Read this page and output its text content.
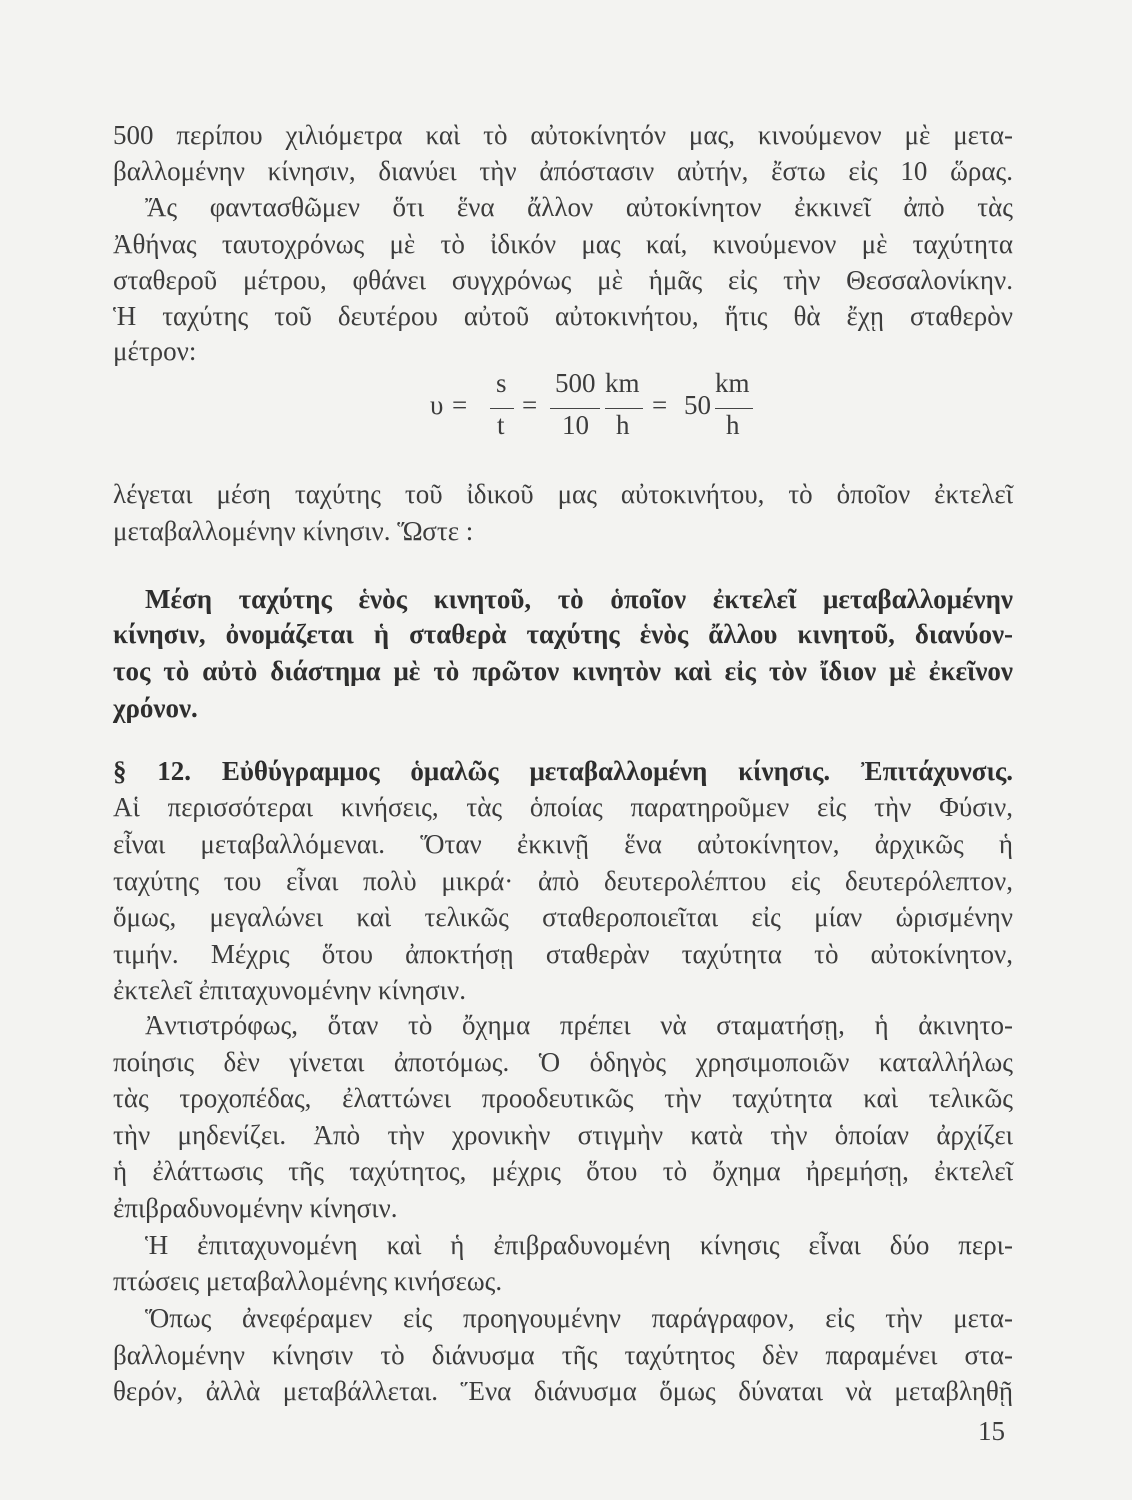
500 περίπου χιλιόμετρα καὶ τὸ αὐτοκίνητόν μας, κινούμενον μὲ μετα-
βαλλομένην κίνησιν, διανύει τὴν ἀπόστασιν αὐτήν, ἔστω εἰς 10 ὥρας.
Ἄς φαντασθῶμεν ὅτι ἕνα ἄλλον αὐτοκίνητον ἐκκινεῖ ἀπὸ τὰς
Ἀθήνας ταυτοχρόνως μὲ τὸ ἰδικόν μας καί, κινούμενον μὲ ταχύτητα
σταθεροῦ μέτρου, φθάνει συγχρόνως μὲ ἡμᾶς εἰς τὴν Θεσσαλονίκην.
Ἡ ταχύτης τοῦ δευτέρου αὐτοῦ αὐτοκινήτου, ἥτις θὰ ἔχῃ σταθερὸν
μέτρον:
υ =
s
t
=
500
10
km
h
= 50
km
h
λέγεται μέση ταχύτης τοῦ ἰδικοῦ μας αὐτοκινήτου, τὸ ὁποῖον ἐκτελεῖ
μεταβαλλομένην κίνησιν. Ὥστε :
Μέση ταχύτης ἑνὸς κινητοῦ, τὸ ὁποῖον ἐκτελεῖ μεταβαλλομένην
κίνησιν, ὀνομάζεται ἡ σταθερὰ ταχύτης ἑνὸς ἄλλου κινητοῦ, διανύον-
τος τὸ αὐτὸ διάστημα μὲ τὸ πρῶτον κινητὸν καὶ εἰς τὸν ἴδιον μὲ ἐκεῖνον
χρόνον.
§ 12. Εὐθύγραμμος ὁμαλῶς μεταβαλλομένη κίνησις. Ἐπιτάχυνσις.
Αἱ περισσότεραι κινήσεις, τὰς ὁποίας παρατηροῦμεν εἰς τὴν Φύσιν,
εἶναι μεταβαλλόμεναι. Ὅταν ἐκκινῇ ἕνα αὐτοκίνητον, ἀρχικῶς ἡ
ταχύτης του εἶναι πολὺ μικρά· ἀπὸ δευτερολέπτου εἰς δευτερόλεπτον,
ὅμως, μεγαλώνει καὶ τελικῶς σταθεροποιεῖται εἰς μίαν ὡρισμένην
τιμήν. Μέχρις ὅτου ἀποκτήσῃ σταθερὰν ταχύτητα τὸ αὐτοκίνητον,
ἐκτελεῖ ἐπιταχυνομένην κίνησιν.
Ἀντιστρόφως, ὅταν τὸ ὄχημα πρέπει νὰ σταματήσῃ, ἡ ἀκινητο-
ποίησις δὲν γίνεται ἀποτόμως. Ὁ ὁδηγὸς χρησιμοποιῶν καταλλήλως
τὰς τροχοπέδας, ἐλαττώνει προοδευτικῶς τὴν ταχύτητα καὶ τελικῶς
τὴν μηδενίζει. Ἀπὸ τὴν χρονικὴν στιγμὴν κατὰ τὴν ὁποίαν ἀρχίζει
ἡ ἐλάττωσις τῆς ταχύτητος, μέχρις ὅτου τὸ ὄχημα ἠρεμήσῃ, ἐκτελεῖ
ἐπιβραδυνομένην κίνησιν.
Ἡ ἐπιταχυνομένη καὶ ἡ ἐπιβραδυνομένη κίνησις εἶναι δύο περι-
πτώσεις μεταβαλλομένης κινήσεως.
Ὅπως ἀνεφέραμεν εἰς προηγουμένην παράγραφον, εἰς τὴν μετα-
βαλλομένην κίνησιν τὸ διάνυσμα τῆς ταχύτητος δὲν παραμένει στα-
θερόν, ἀλλὰ μεταβάλλεται. Ἕνα διάνυσμα ὅμως δύναται νὰ μεταβληθῇ
15
